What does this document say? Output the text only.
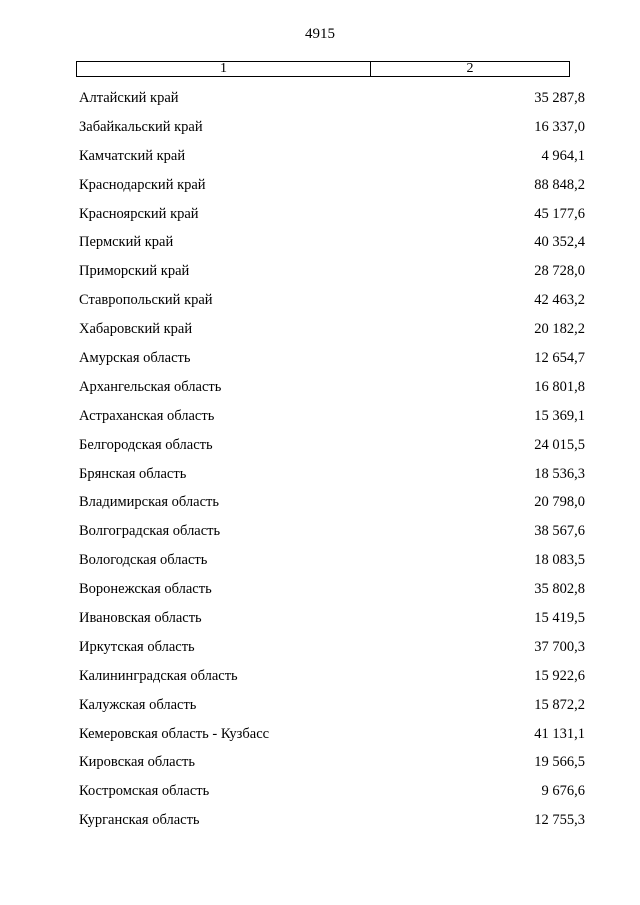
4915
1	2
Алтайский край	35 287,8
Забайкальский край	16 337,0
Камчатский край	4 964,1
Краснодарский край	88 848,2
Красноярский край	45 177,6
Пермский край	40 352,4
Приморский край	28 728,0
Ставропольский край	42 463,2
Хабаровский край	20 182,2
Амурская область	12 654,7
Архангельская область	16 801,8
Астраханская область	15 369,1
Белгородская область	24 015,5
Брянская область	18 536,3
Владимирская область	20 798,0
Волгоградская область	38 567,6
Вологодская область	18 083,5
Воронежская область	35 802,8
Ивановская область	15 419,5
Иркутская область	37 700,3
Калининградская область	15 922,6
Калужская область	15 872,2
Кемеровская область - Кузбасс	41 131,1
Кировская область	19 566,5
Костромская область	9 676,6
Курганская область	12 755,3
